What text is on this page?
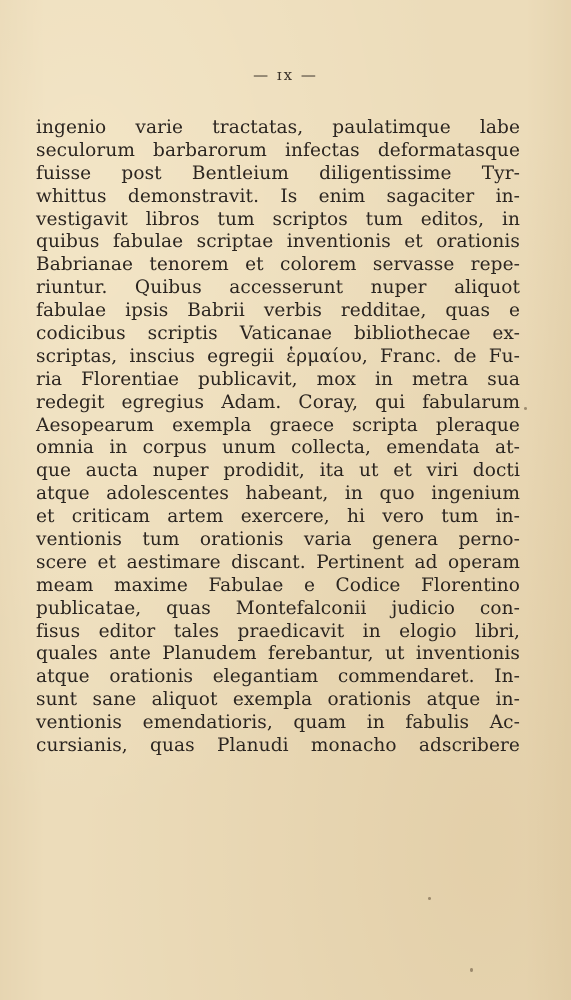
— ɪx —
ingenio varie tractatas, paulatimque labe
seculorum barbarorum infectas deformatasque
fuisse post Bentleium diligentissime Tyr-
whittus demonstravit. Is enim sagaciter in-
vestigavit libros tum scriptos tum editos, in
quibus fabulae scriptae inventionis et orationis
Babrianae tenorem et colorem servasse repe-
riuntur. Quibus accesserunt nuper aliquot
fabulae ipsis Babrii verbis redditae, quas e
codicibus scriptis Vaticanae bibliothecae ex-
scriptas, inscius egregii ἑρμαίου, Franc. de Fu-
ria Florentiae publicavit, mox in metra sua
redegit egregius Adam. Coray, qui fabularum
Aesopearum exempla graece scripta pleraque
omnia in corpus unum collecta, emendata at-
que aucta nuper prodidit, ita ut et viri docti
atque adolescentes habeant, in quo ingenium
et criticam artem exercere, hi vero tum in-
ventionis tum orationis varia genera perno-
scere et aestimare discant. Pertinent ad operam
meam maxime Fabulae e Codice Florentino
publicatae, quas Montefalconii judicio con-
fisus editor tales praedicavit in elogio libri,
quales ante Planudem ferebantur, ut inventionis
atque orationis elegantiam commendaret. In-
sunt sane aliquot exempla orationis atque in-
ventionis emendatioris, quam in fabulis Ac-
cursianis, quas Planudi monacho adscribere
